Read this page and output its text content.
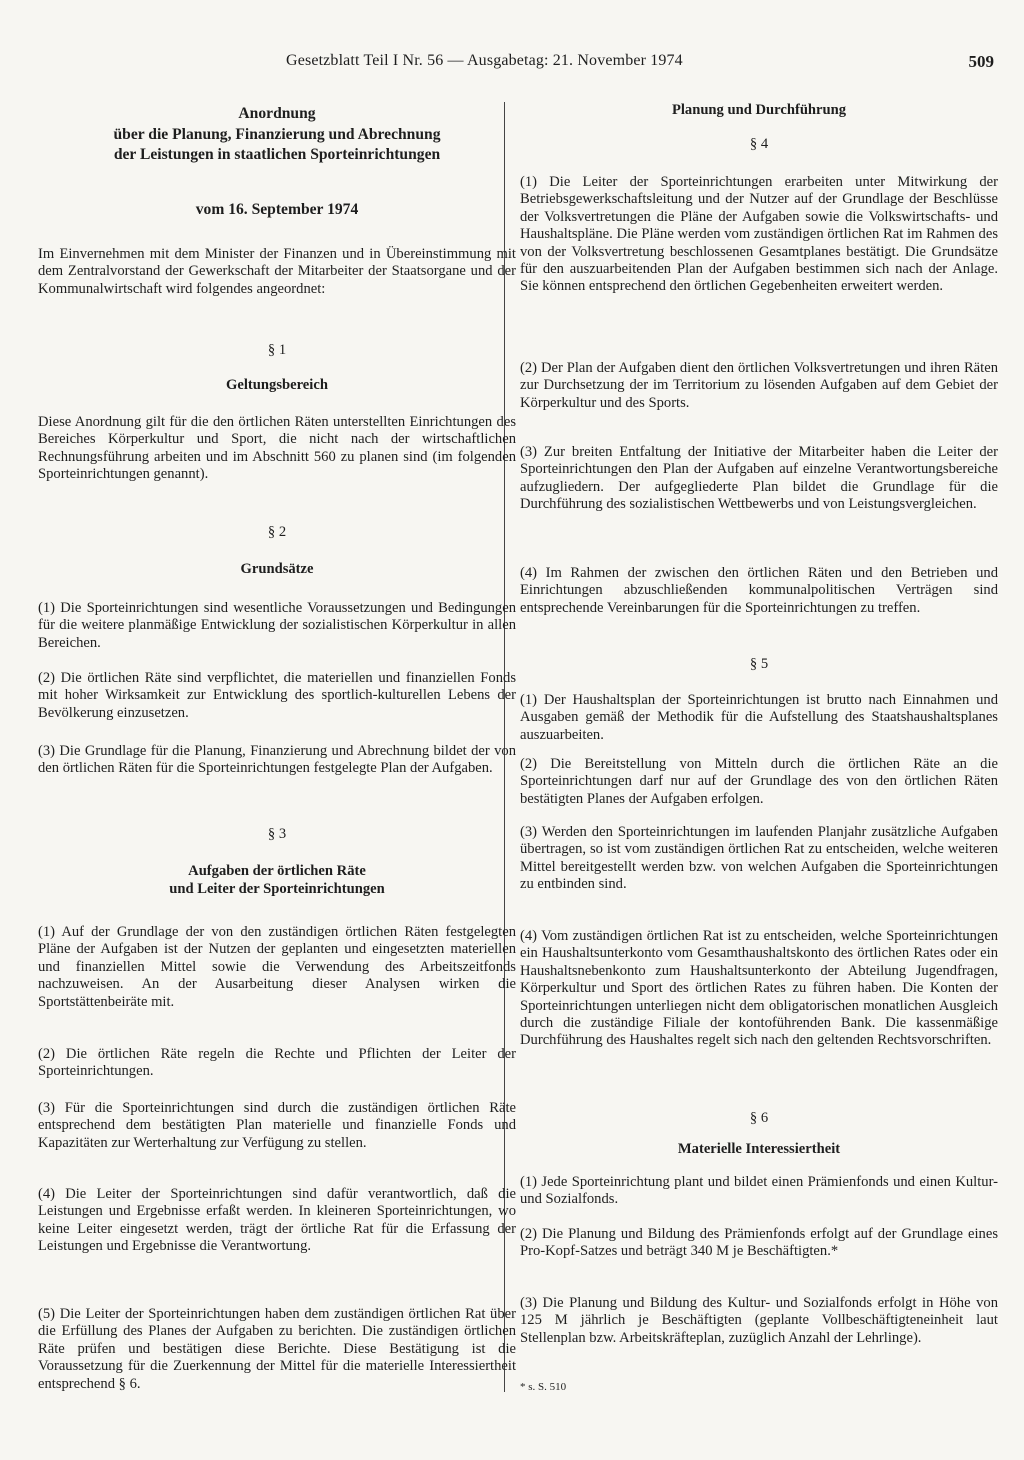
Gesetzblatt Teil I Nr. 56 — Ausgabetag: 21. November 1974	509

Anordnung
über die Planung, Finanzierung und Abrechnung
der Leistungen in staatlichen Sporteinrichtungen

vom 16. September 1974

Im Einvernehmen mit dem Minister der Finanzen und in Übereinstimmung mit dem Zentralvorstand der Gewerkschaft der Mitarbeiter der Staatsorgane und der Kommunalwirtschaft wird folgendes angeordnet:

§ 1

Geltungsbereich

Diese Anordnung gilt für die den örtlichen Räten unterstellten Einrichtungen des Bereiches Körperkultur und Sport, die nicht nach der wirtschaftlichen Rechnungsführung arbeiten und im Abschnitt 560 zu planen sind (im folgenden Sporteinrichtungen genannt).

§ 2

Grundsätze

(1) Die Sporteinrichtungen sind wesentliche Voraussetzungen und Bedingungen für die weitere planmäßige Entwicklung der sozialistischen Körperkultur in allen Bereichen.

(2) Die örtlichen Räte sind verpflichtet, die materiellen und finanziellen Fonds mit hoher Wirksamkeit zur Entwicklung des sportlich-kulturellen Lebens der Bevölkerung einzusetzen.

(3) Die Grundlage für die Planung, Finanzierung und Abrechnung bildet der von den örtlichen Räten für die Sporteinrichtungen festgelegte Plan der Aufgaben.

§ 3

Aufgaben der örtlichen Räte
und Leiter der Sporteinrichtungen

(1) Auf der Grundlage der von den zuständigen örtlichen Räten festgelegten Pläne der Aufgaben ist der Nutzen der geplanten und eingesetzten materiellen und finanziellen Mittel sowie die Verwendung des Arbeitszeitfonds nachzuweisen. An der Ausarbeitung dieser Analysen wirken die Sportstättenbeiräte mit.

(2) Die örtlichen Räte regeln die Rechte und Pflichten der Leiter der Sporteinrichtungen.

(3) Für die Sporteinrichtungen sind durch die zuständigen örtlichen Räte entsprechend dem bestätigten Plan materielle und finanzielle Fonds und Kapazitäten zur Werterhaltung zur Verfügung zu stellen.

(4) Die Leiter der Sporteinrichtungen sind dafür verantwortlich, daß die Leistungen und Ergebnisse erfaßt werden. In kleineren Sporteinrichtungen, wo keine Leiter eingesetzt werden, trägt der örtliche Rat für die Erfassung der Leistungen und Ergebnisse die Verantwortung.

(5) Die Leiter der Sporteinrichtungen haben dem zuständigen örtlichen Rat über die Erfüllung des Planes der Aufgaben zu berichten. Die zuständigen örtlichen Räte prüfen und bestätigen diese Berichte. Diese Bestätigung ist die Voraussetzung für die Zuerkennung der Mittel für die materielle Interessiertheit entsprechend § 6.

Planung und Durchführung

§ 4

(1) Die Leiter der Sporteinrichtungen erarbeiten unter Mitwirkung der Betriebsgewerkschaftsleitung und der Nutzer auf der Grundlage der Beschlüsse der Volksvertretungen die Pläne der Aufgaben sowie die Volkswirtschafts- und Haushaltspläne. Die Pläne werden vom zuständigen örtlichen Rat im Rahmen des von der Volksvertretung beschlossenen Gesamtplanes bestätigt. Die Grundsätze für den auszuarbeitenden Plan der Aufgaben bestimmen sich nach der Anlage. Sie können entsprechend den örtlichen Gegebenheiten erweitert werden.

(2) Der Plan der Aufgaben dient den örtlichen Volksvertretungen und ihren Räten zur Durchsetzung der im Territorium zu lösenden Aufgaben auf dem Gebiet der Körperkultur und des Sports.

(3) Zur breiten Entfaltung der Initiative der Mitarbeiter haben die Leiter der Sporteinrichtungen den Plan der Aufgaben auf einzelne Verantwortungsbereiche aufzugliedern. Der aufgegliederte Plan bildet die Grundlage für die Durchführung des sozialistischen Wettbewerbs und von Leistungsvergleichen.

(4) Im Rahmen der zwischen den örtlichen Räten und den Betrieben und Einrichtungen abzuschließenden kommunalpolitischen Verträgen sind entsprechende Vereinbarungen für die Sporteinrichtungen zu treffen.

§ 5

(1) Der Haushaltsplan der Sporteinrichtungen ist brutto nach Einnahmen und Ausgaben gemäß der Methodik für die Aufstellung des Staatshaushaltsplanes auszuarbeiten.

(2) Die Bereitstellung von Mitteln durch die örtlichen Räte an die Sporteinrichtungen darf nur auf der Grundlage des von den örtlichen Räten bestätigten Planes der Aufgaben erfolgen.

(3) Werden den Sporteinrichtungen im laufenden Planjahr zusätzliche Aufgaben übertragen, so ist vom zuständigen örtlichen Rat zu entscheiden, welche weiteren Mittel bereitgestellt werden bzw. von welchen Aufgaben die Sporteinrichtungen zu entbinden sind.

(4) Vom zuständigen örtlichen Rat ist zu entscheiden, welche Sporteinrichtungen ein Haushaltsunterkonto vom Gesamthaushaltskonto des örtlichen Rates oder ein Haushaltsnebenkonto zum Haushaltsunterkonto der Abteilung Jugendfragen, Körperkultur und Sport des örtlichen Rates zu führen haben. Die Konten der Sporteinrichtungen unterliegen nicht dem obligatorischen monatlichen Ausgleich durch die zuständige Filiale der kontoführenden Bank. Die kassenmäßige Durchführung des Haushaltes regelt sich nach den geltenden Rechtsvorschriften.

§ 6

Materielle Interessiertheit

(1) Jede Sporteinrichtung plant und bildet einen Prämienfonds und einen Kultur- und Sozialfonds.

(2) Die Planung und Bildung des Prämienfonds erfolgt auf der Grundlage eines Pro-Kopf-Satzes und beträgt 340 M je Beschäftigten.*

(3) Die Planung und Bildung des Kultur- und Sozialfonds erfolgt in Höhe von 125 M jährlich je Beschäftigten (geplante Vollbeschäftigteneinheit laut Stellenplan bzw. Arbeitskräfteplan, zuzüglich Anzahl der Lehrlinge).

* s. S. 510
